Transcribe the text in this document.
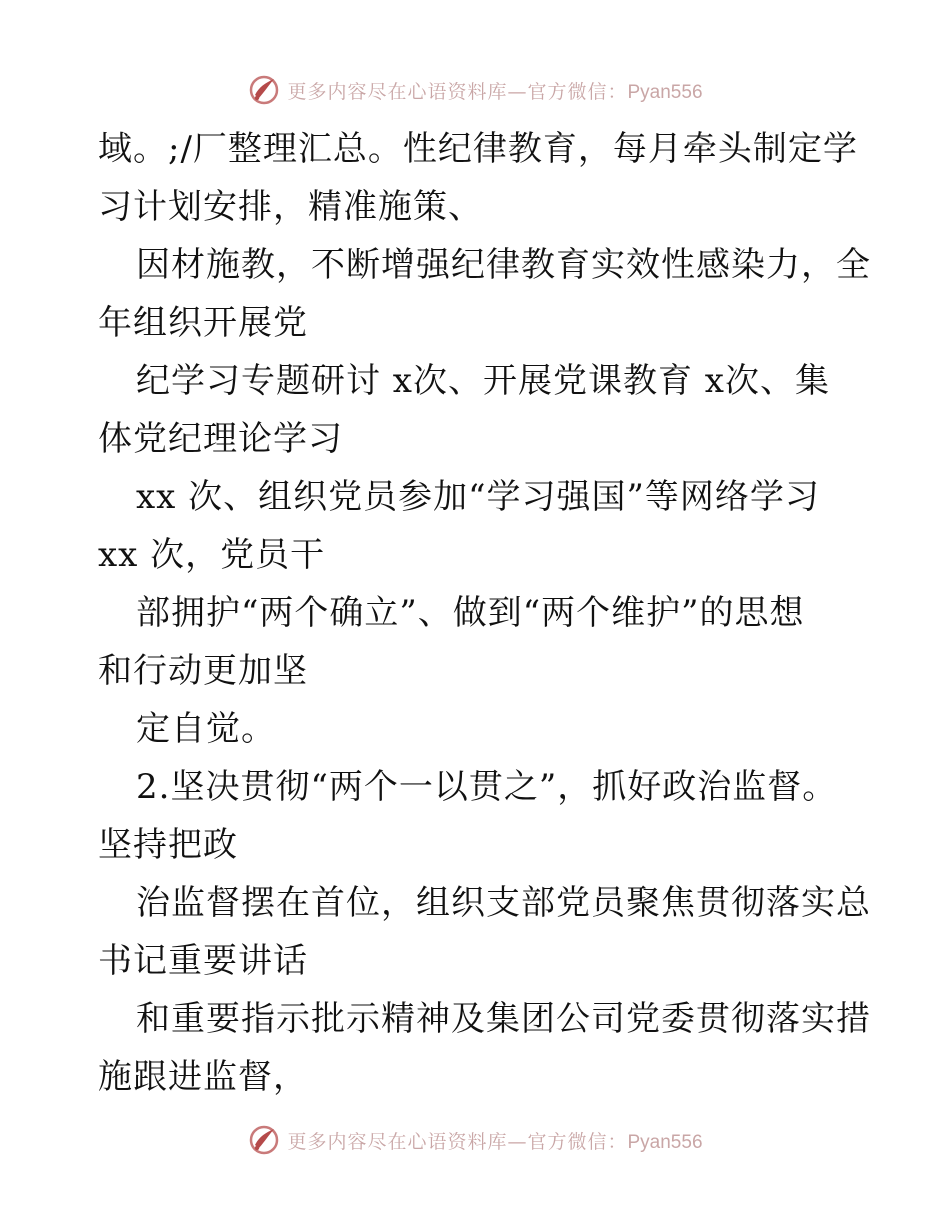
更多内容尽在心语资料库—官方微信：Pyan556
域。;/厂整理汇总。性纪律教育，每月牵头制定学
习计划安排，精准施策、
因材施教，不断增强纪律教育实效性感染力，全
年组织开展党
纪学习专题研讨 x次、开展党课教育 x次、集
体党纪理论学习
xx 次、组织党员参加“学习强国”等网络学习
xx 次，党员干
部拥护“两个确立”、做到“两个维护”的思想
和行动更加坚
定自觉。
2.坚决贯彻“两个一以贯之”，抓好政治监督。
坚持把政
治监督摆在首位，组织支部党员聚焦贯彻落实总
书记重要讲话
和重要指示批示精神及集团公司党委贯彻落实措
施跟进监督，
更多内容尽在心语资料库—官方微信：Pyan556
